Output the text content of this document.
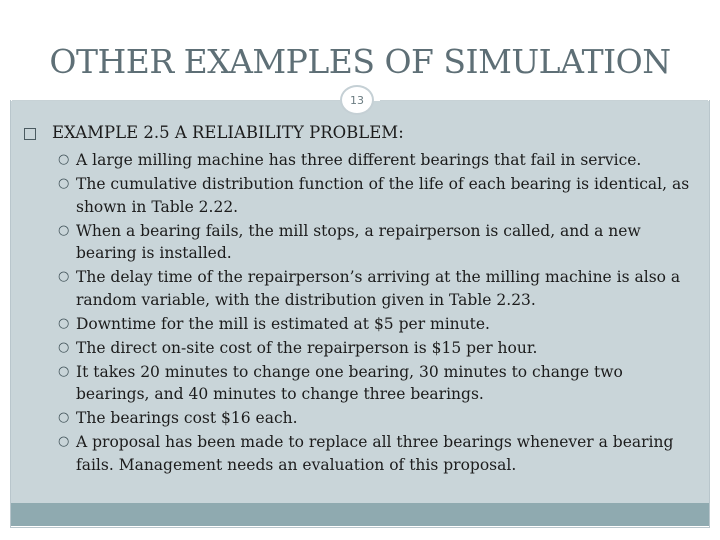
OTHER EXAMPLES OF SIMULATION
EXAMPLE 2.5 A RELIABILITY PROBLEM:
○ A large milling machine has three different bearings that fail in service.
○ The cumulative distribution function of the life of each bearing is identical, as shown in Table 2.22.
○ When a bearing fails, the mill stops, a repairperson is called, and a new bearing is installed.
○ The delay time of the repairperson’s arriving at the milling machine is also a random variable, with the distribution given in Table 2.23.
○ Downtime for the mill is estimated at $5 per minute.
○ The direct on-site cost of the repairperson is $15 per hour.
○ It takes 20 minutes to change one bearing, 30 minutes to change two bearings, and 40 minutes to change three bearings.
○ The bearings cost $16 each.
○ A proposal has been made to replace all three bearings whenever a bearing fails. Management needs an evaluation of this proposal.
13
